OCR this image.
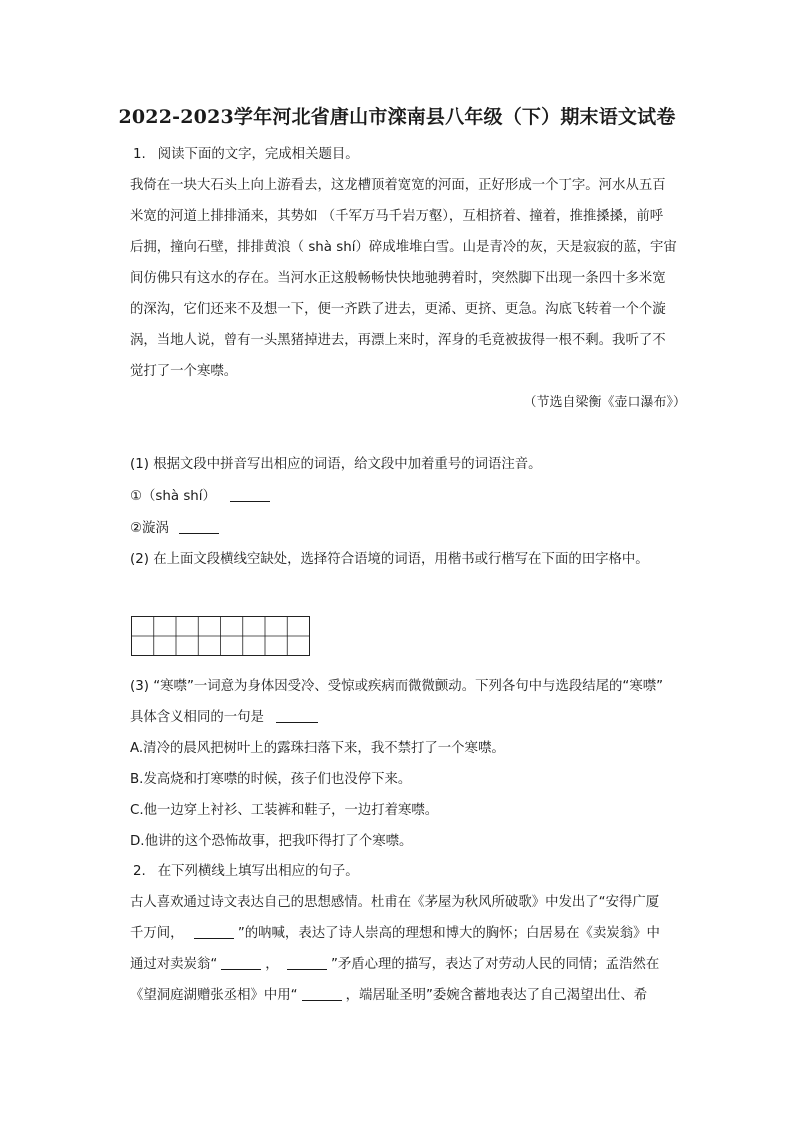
2022-2023学年河北省唐山市滦南县八年级（下）期末语文试卷
1. 阅读下面的文字，完成相关题目。
我倚在一块大石头上向上游看去，这龙槽顶着宽宽的河面，正好形成一个丁字。河水从五百
米宽的河道上排排涌来，其势如 （千军万马千岩万壑），互相挤着、撞着，推推搡搡，前呼
后拥，撞向石壁，排排黄浪（ shà shí）碎成堆堆白雪。山是青冷的灰，天是寂寂的蓝，宇宙
间仿佛只有这水的存在。当河水正这般畅畅快快地驰骋着时，突然脚下出现一条四十多米宽
的深沟，它们还来不及想一下，便一齐跌了进去，更浠、更挤、更急。沟底飞转着一个个漩
涡，当地人说，曾有一头黑猪掉进去，再漂上来时，浑身的毛竟被拔得一根不剩。我听了不
觉打了一个寒噤。
（节选自梁衡《壶口瀑布》）
(1) 根据文段中拼音写出相应的词语，给文段中加着重号的词语注音。
①（shà shí）
②漩涡
(2) 在上面文段横线空缺处，选择符合语境的词语，用楷书或行楷写在下面的田字格中。
(3) “寒噤”一词意为身体因受冷、受惊或疾病而微微颤动。下列各句中与选段结尾的“寒噤”
具体含义相同的一句是
A.清冷的晨风把树叶上的露珠扫落下来，我不禁打了一个寒噤。
B.发高烧和打寒噤的时候，孩子们也没停下来。
C.他一边穿上衬衫、工装裤和鞋子，一边打着寒噤。
D.他讲的这个恐怖故事，把我吓得打了个寒噤。
2. 在下列横线上填写出相应的句子。
古人喜欢通过诗文表达自己的思想感情。杜甫在《茅屋为秋风所破歌》中发出了“安得广厦
千万间，	”的呐喊，表达了诗人崇高的理想和博大的胸怀；白居易在《卖炭翁》中
通过对卖炭翁“	，	”矛盾心理的描写，表达了对劳动人民的同情；孟浩然在
《望洞庭湖赠张丞相》中用“	，端居耻圣明”委婉含蓄地表达了自己渴望出仕、希
